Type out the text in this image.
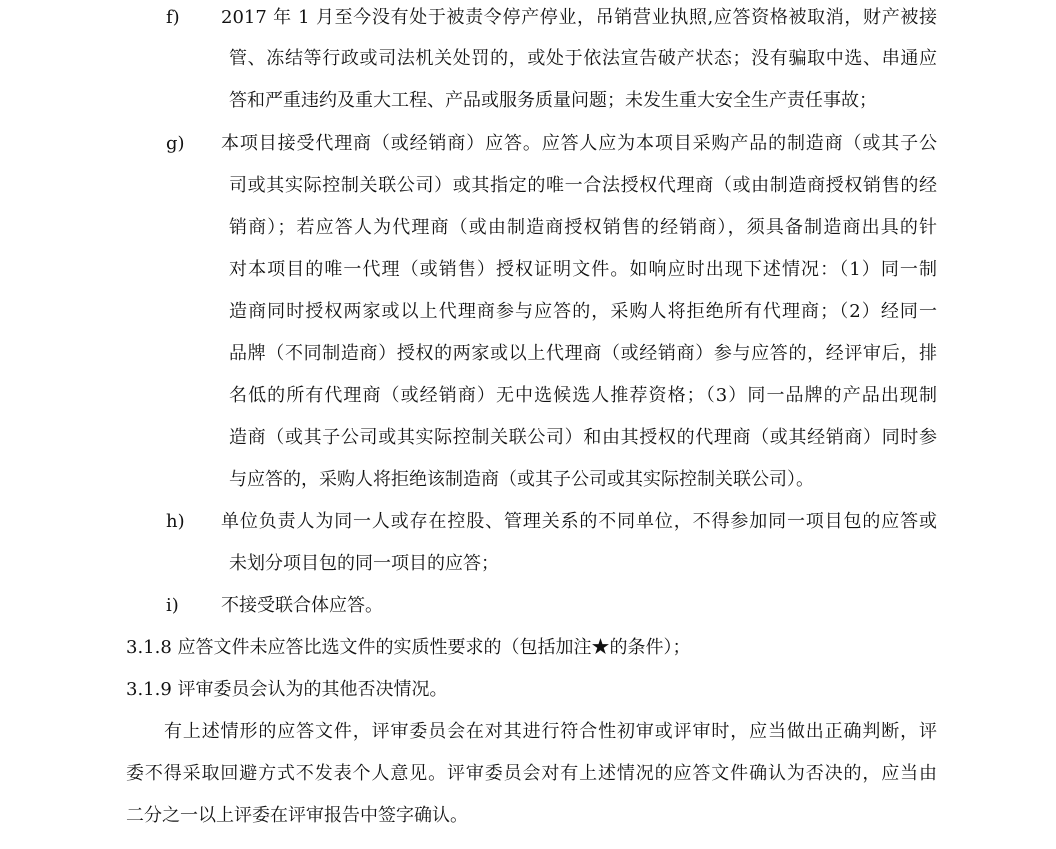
f) 2017 年 1 月至今没有处于被责令停产停业，吊销营业执照,应答资格被取消，财产被接
管、冻结等行政或司法机关处罚的，或处于依法宣告破产状态；没有骗取中选、串通应
答和严重违约及重大工程、产品或服务质量问题；未发生重大安全生产责任事故；
g) 本项目接受代理商（或经销商）应答。应答人应为本项目采购产品的制造商（或其子公
司或其实际控制关联公司）或其指定的唯一合法授权代理商（或由制造商授权销售的经
销商）；若应答人为代理商（或由制造商授权销售的经销商），须具备制造商出具的针
对本项目的唯一代理（或销售）授权证明文件。如响应时出现下述情况：（1）同一制
造商同时授权两家或以上代理商参与应答的，采购人将拒绝所有代理商；（2）经同一
品牌（不同制造商）授权的两家或以上代理商（或经销商）参与应答的，经评审后，排
名低的所有代理商（或经销商）无中选候选人推荐资格；（3）同一品牌的产品出现制
造商（或其子公司或其实际控制关联公司）和由其授权的代理商（或其经销商）同时参
与应答的，采购人将拒绝该制造商（或其子公司或其实际控制关联公司）。
h) 单位负责人为同一人或存在控股、管理关系的不同单位，不得参加同一项目包的应答或
未划分项目包的同一项目的应答；
i) 不接受联合体应答。
3.1.8 应答文件未应答比选文件的实质性要求的（包括加注★的条件）；
3.1.9 评审委员会认为的其他否决情况。
有上述情形的应答文件，评审委员会在对其进行符合性初审或评审时，应当做出正确判断，评
委不得采取回避方式不发表个人意见。评审委员会对有上述情况的应答文件确认为否决的，应当由
二分之一以上评委在评审报告中签字确认。
